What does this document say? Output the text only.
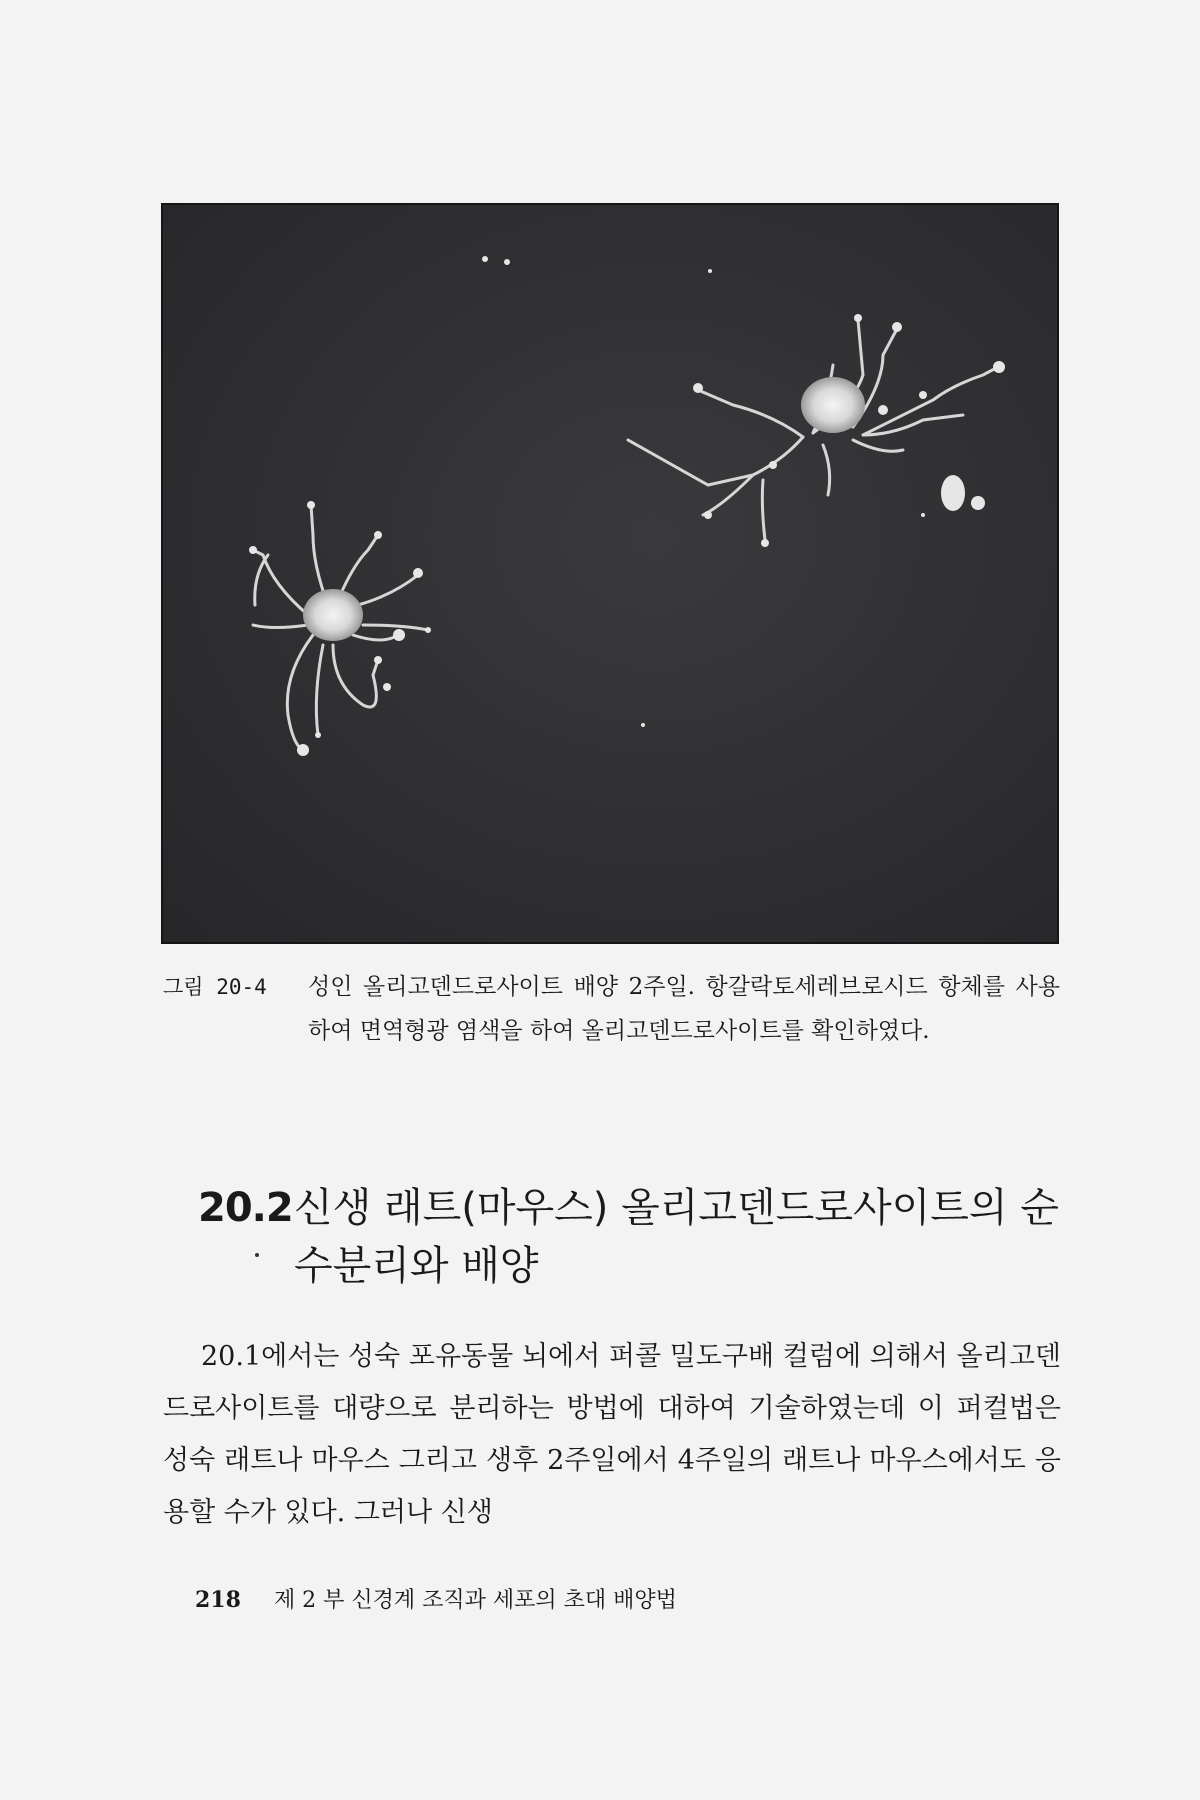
그림 20-4	성인 올리고덴드로사이트 배양 2주일. 항갈락토세레브로시드 항체를 사용하여 면역형광 염색을 하여 올리고덴드로사이트를 확인하였다.
20.2 신생 래트(마우스) 올리고덴드로사이트의 순수분리와 배양
20.1에서는 성숙 포유동물 뇌에서 퍼콜 밀도구배 컬럼에 의해서 올리고덴드로사이트를 대량으로 분리하는 방법에 대하여 기술하였는데 이 퍼컬법은 성숙 래트나 마우스 그리고 생후 2주일에서 4주일의 래트나 마우스에서도 응용할 수가 있다. 그러나 신생
218 제 2 부 신경계 조직과 세포의 초대 배양법
